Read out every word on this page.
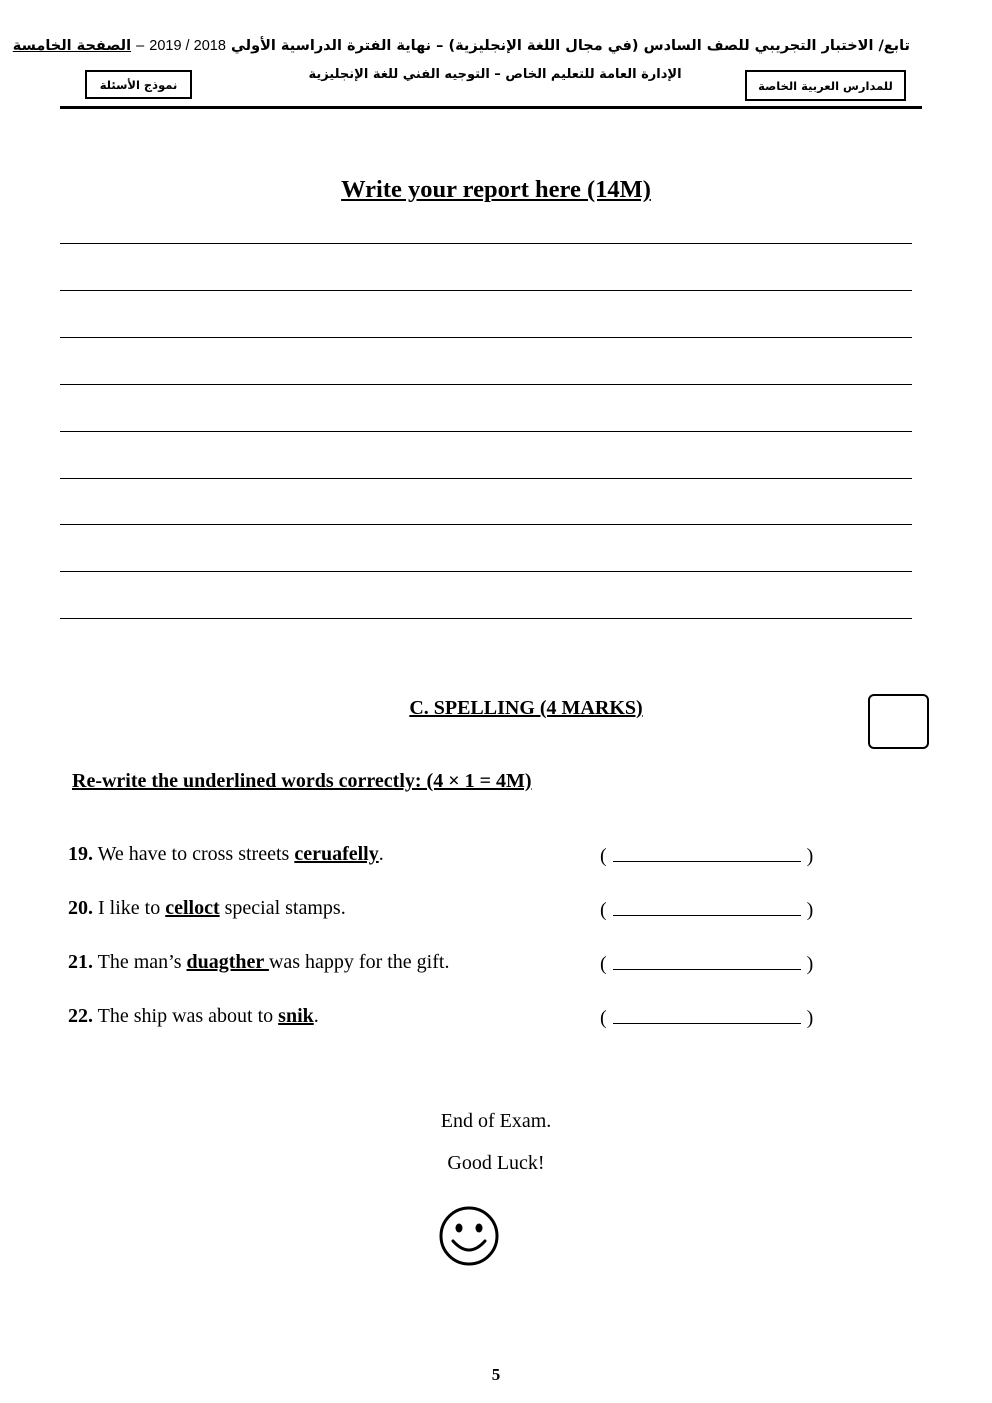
تابع/ الاختبار التجريبي للصف السادس (في مجال اللغة الإنجليزية) – نهاية الفترة الدراسية الأولي 2018 / 2019 – الصفحة الخامسة
الإدارة العامة للتعليم الخاص – التوجيه الفني للغة الإنجليزية
نموذج الأسئلة	للمدارس العربية الخاصة
Write your report here (14M)
C. SPELLING (4 MARKS)
Re-write the underlined words correctly: (4 × 1 = 4M)
19. We have to cross streets ceruafelly.	(	)
20. I like to celloct special stamps.	(	)
21. The man’s duagther was happy for the gift.	(	)
22. The ship was about to snik.	(	)
End of Exam.
Good Luck!
5
